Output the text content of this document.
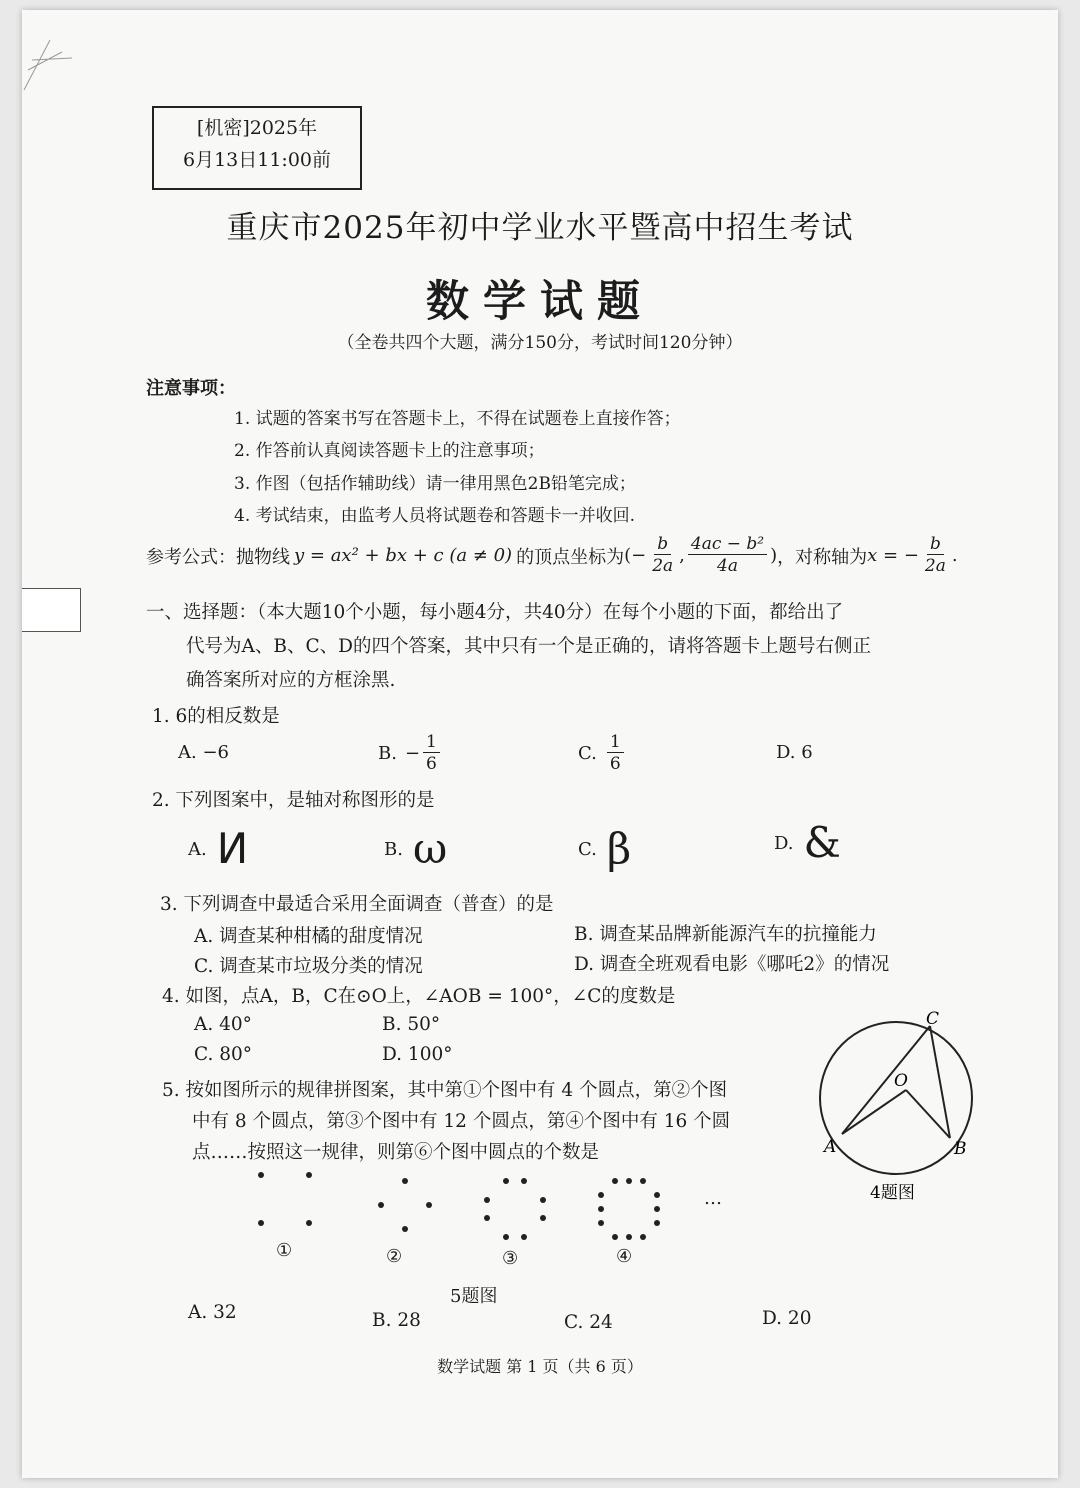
[机密]2025年
6月13日11:00前
重庆市2025年初中学业水平暨高中招生考试
数学试题
（全卷共四个大题，满分150分，考试时间120分钟）
注意事项：
1. 试题的答案书写在答题卡上，不得在试题卷上直接作答；
2. 作答前认真阅读答题卡上的注意事项；
3. 作图（包括作辅助线）请一律用黑色2B铅笔完成；
4. 考试结束，由监考人员将试题卷和答题卡一并收回.
参考公式：抛物线 y = ax² + bx + c (a ≠ 0) 的顶点坐标为 (− $\frac{b}{2a}$ , $\frac{\text{4ac − b²}}{4a}$ ) ，对称轴为 x = − $\frac{b}{2a}$ .

一、选择题：（本大题10个小题，每小题4分，共40分）在每个小题的下面，都给出了

代号为A、B、C、D的四个答案，其中只有一个是正确的，请将答题卡上题号右侧正

确答案所对应的方框涂黑.

1. 6的相反数是
A. −6	B. − $\frac{1}{6}$	C. $\frac{1}{6}$	D. 6
2. 下列图案中，是轴对称图形的是
A. И	B. ω	C. β	D. &
3. 下列调查中最适合采用全面调查（普查）的是
A. 调查某种柑橘的甜度情况	B. 调查某品牌新能源汽车的抗撞能力
C. 调查某市垃圾分类的情况	D. 调查全班观看电影《哪吒2》的情况
4. 如图，点A，B，C在⊙O上，∠AOB = 100°，∠C的度数是
A. 40°	B. 50°
C. 80°	D. 100°
C
O
A	B
4题图
5. 按如图所示的规律拼图案，其中第①个图中有 4 个圆点，第②个图
中有 8 个圆点，第③个图中有 12 个圆点，第④个图中有 16 个圆
点……按照这一规律，则第⑥个图中圆点的个数是
①	②	③	④
…
5题图
A. 32	B. 28	C. 24	D. 20
数学试题 第 1 页（共 6 页）
